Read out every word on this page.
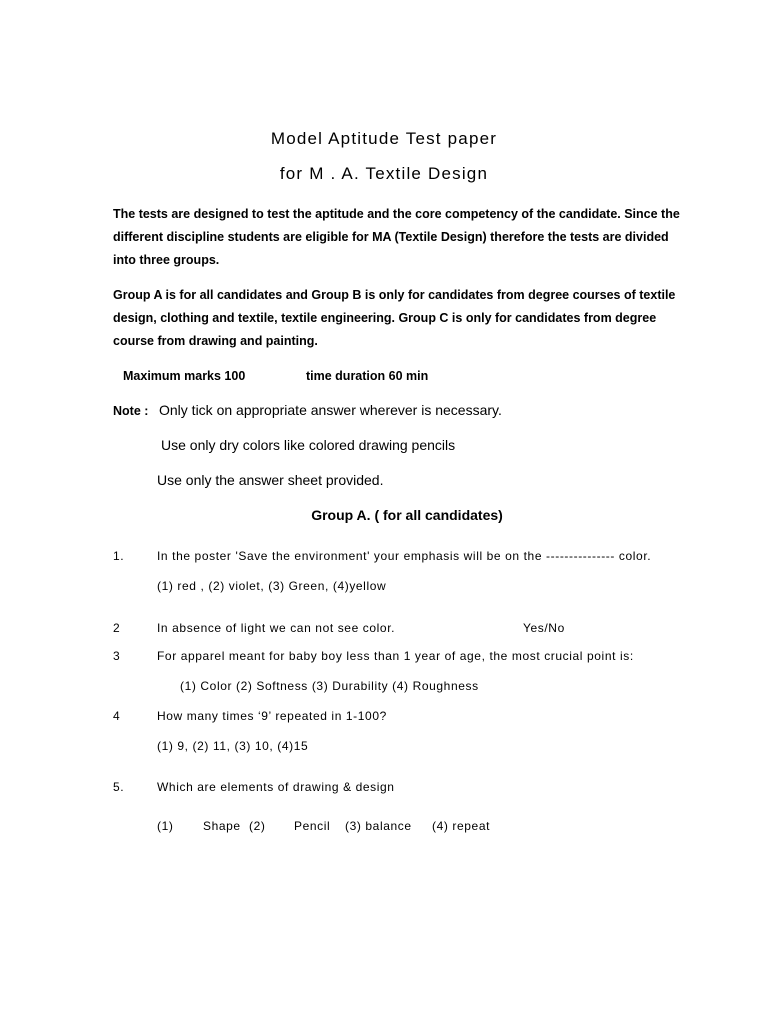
Model Aptitude Test paper
for M . A. Textile Design
The tests are designed to test the aptitude and the core competency of the candidate. Since the
different discipline students are eligible for MA (Textile Design) therefore the tests are divided
into three groups.
Group A is for all candidates and Group B is only for candidates from degree courses of textile
design, clothing and textile, textile engineering. Group C is only for candidates from degree
course from drawing and painting.
Maximum marks 100	time duration 60 min
Note : Only tick on appropriate answer wherever is necessary.
Use only dry colors like colored drawing pencils
Use only the answer sheet provided.
Group A. ( for all candidates)
1.	In the poster 'Save the environment' your emphasis will be on the --------------- color.
(1) red , (2) violet, (3) Green, (4)yellow
2	In absence of light we can not see color.	Yes/No
3	For apparel meant for baby boy less than 1 year of age, the most crucial point is:
(1) Color (2) Softness (3) Durability (4) Roughness
4	How many times ‘9’ repeated in 1-100?
(1) 9, (2) 11, (3) 10, (4)15
5.	Which are elements of drawing & design
(1) Shape (2) Pencil (3) balance (4) repeat
